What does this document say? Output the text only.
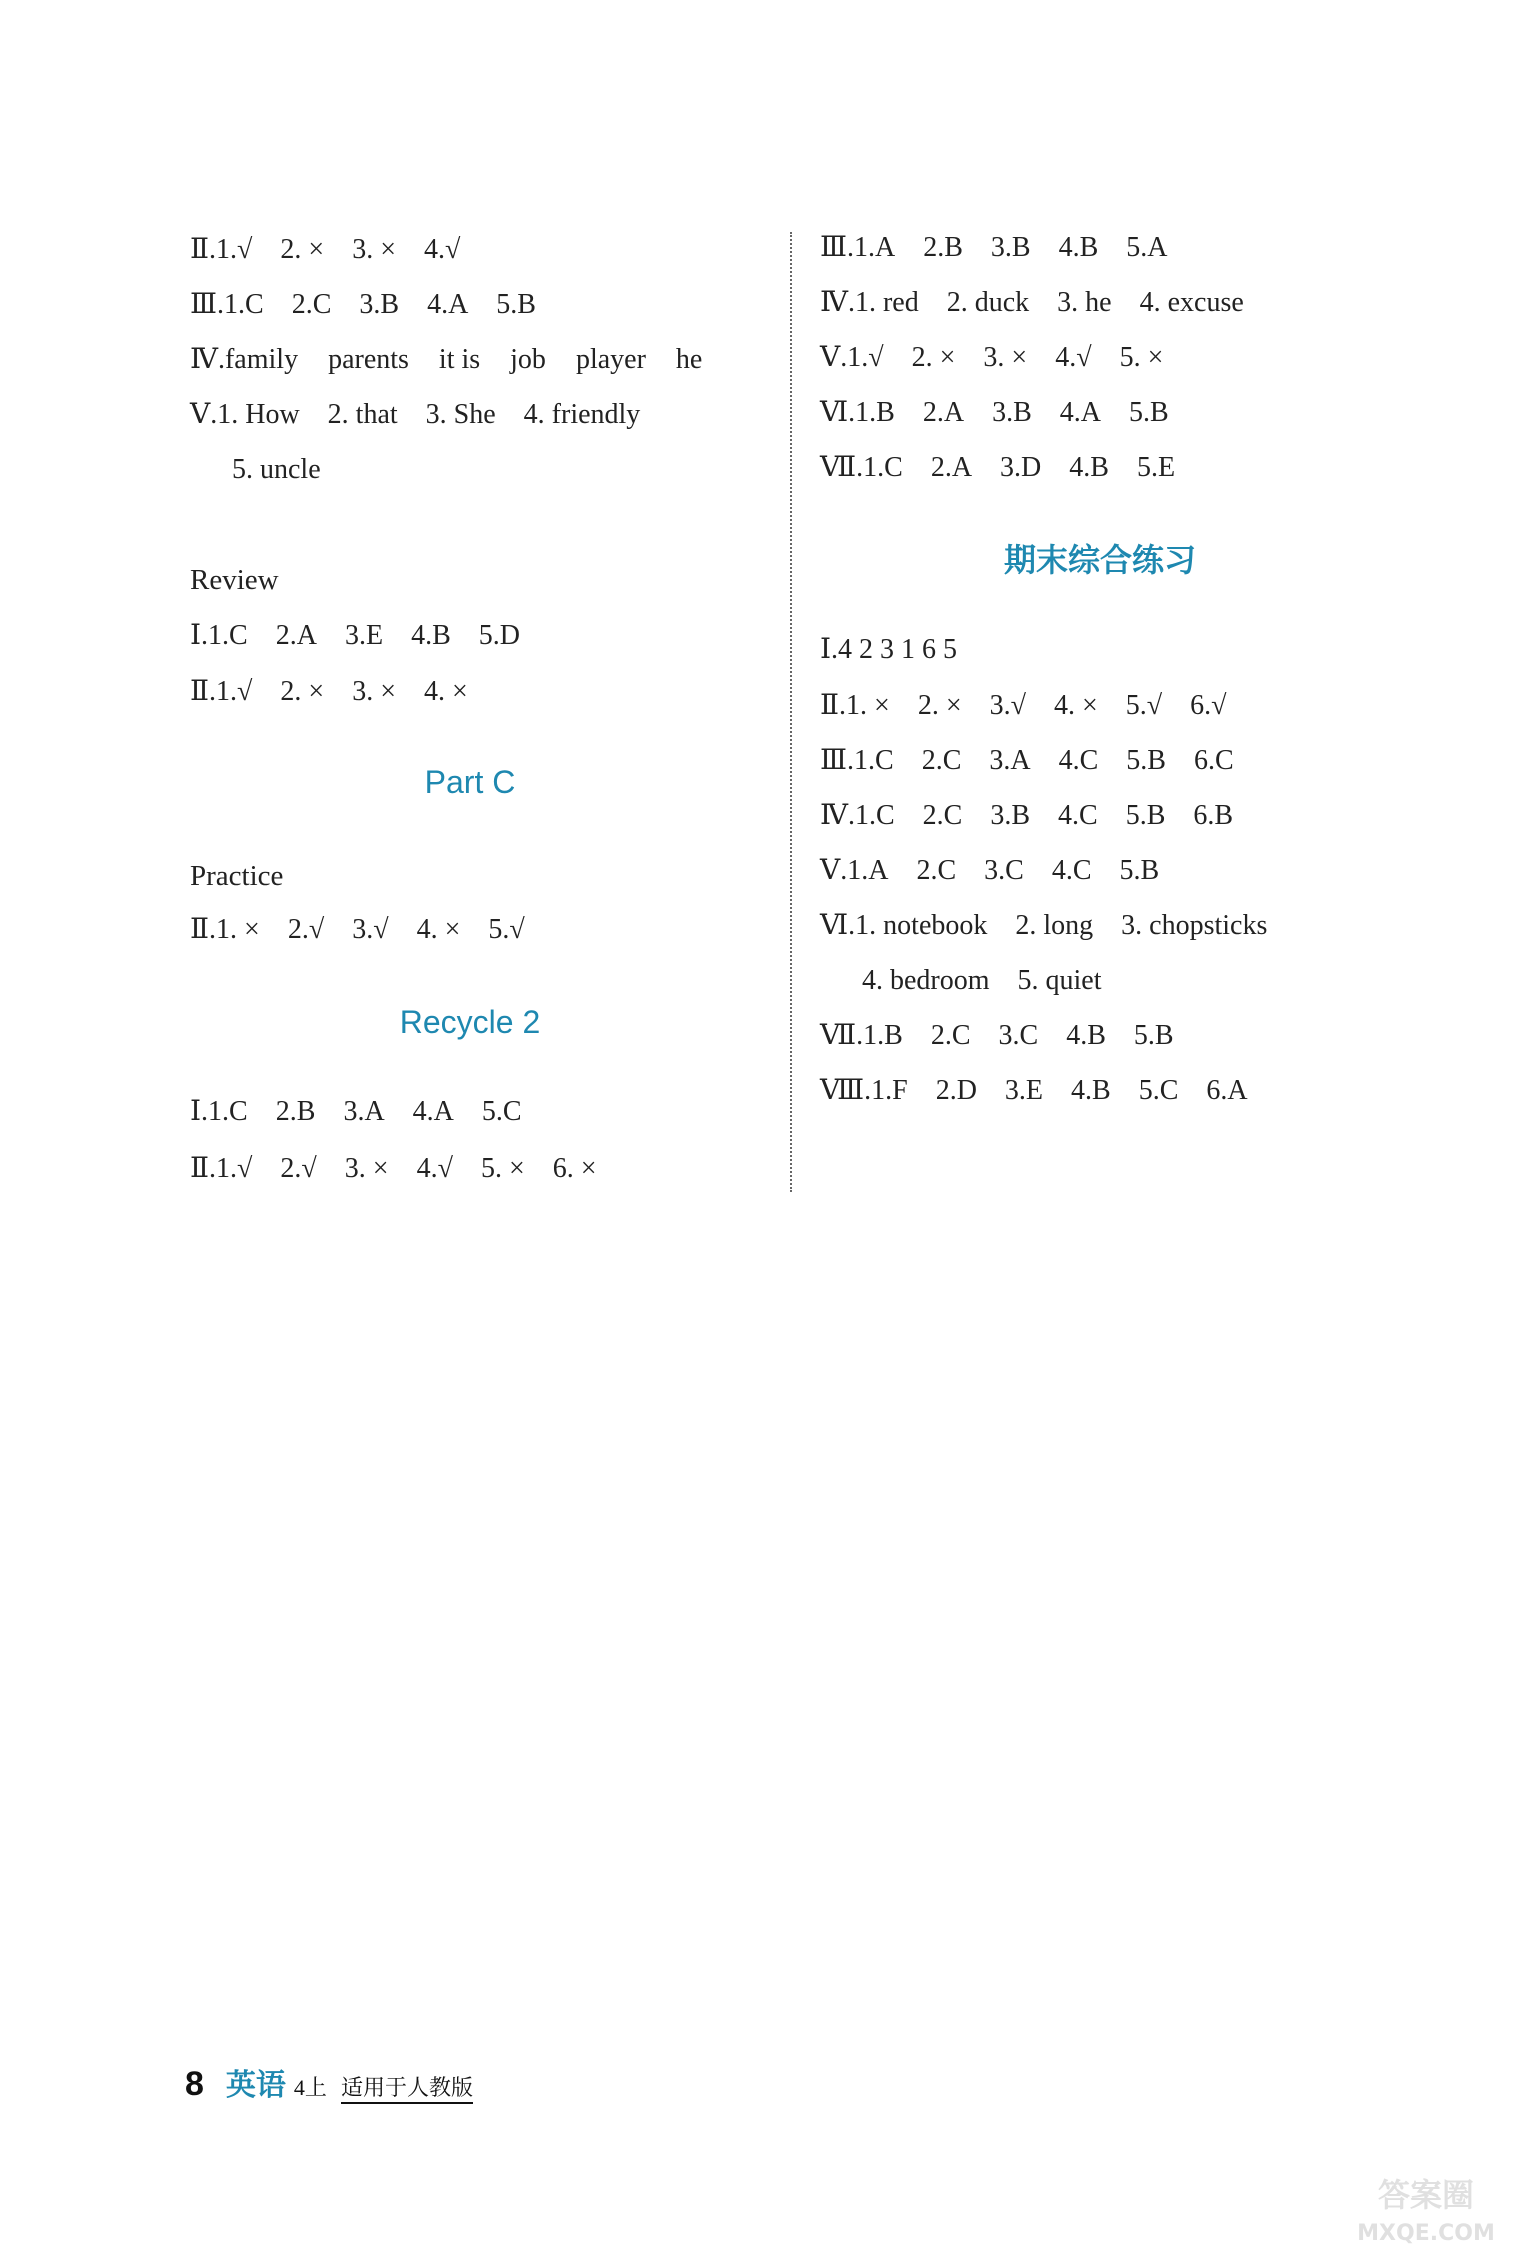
Ⅱ.1.√ 2. × 3. × 4.√
Ⅲ.1.C 2.C 3.B 4.A 5.B
Ⅳ.family parents it is job player he
Ⅴ.1. How 2. that 3. She 4. friendly
5. uncle
Review
Ⅰ.1.C 2.A 3.E 4.B 5.D
Ⅱ.1.√ 2. × 3. × 4. ×
Part C
Practice
Ⅱ.1. × 2.√ 3.√ 4. × 5.√
Recycle 2
Ⅰ.1.C 2.B 3.A 4.A 5.C
Ⅱ.1.√ 2.√ 3. × 4.√ 5. × 6. ×
Ⅲ.1.A 2.B 3.B 4.B 5.A
Ⅳ.1. red 2. duck 3. he 4. excuse
Ⅴ.1.√ 2. × 3. × 4.√ 5. ×
Ⅵ.1.B 2.A 3.B 4.A 5.B
Ⅶ.1.C 2.A 3.D 4.B 5.E
期末综合练习
Ⅰ.4 2 3 1 6 5
Ⅱ.1. × 2. × 3.√ 4. × 5.√ 6.√
Ⅲ.1.C 2.C 3.A 4.C 5.B 6.C
Ⅳ.1.C 2.C 3.B 4.C 5.B 6.B
Ⅴ.1.A 2.C 3.C 4.C 5.B
Ⅵ.1. notebook 2. long 3. chopsticks
4. bedroom 5. quiet
Ⅶ.1.B 2.C 3.C 4.B 5.B
Ⅷ.1.F 2.D 3.E 4.B 5.C 6.A
8 英语 4上 适用于人教版
答案圈
MXQE.COM
